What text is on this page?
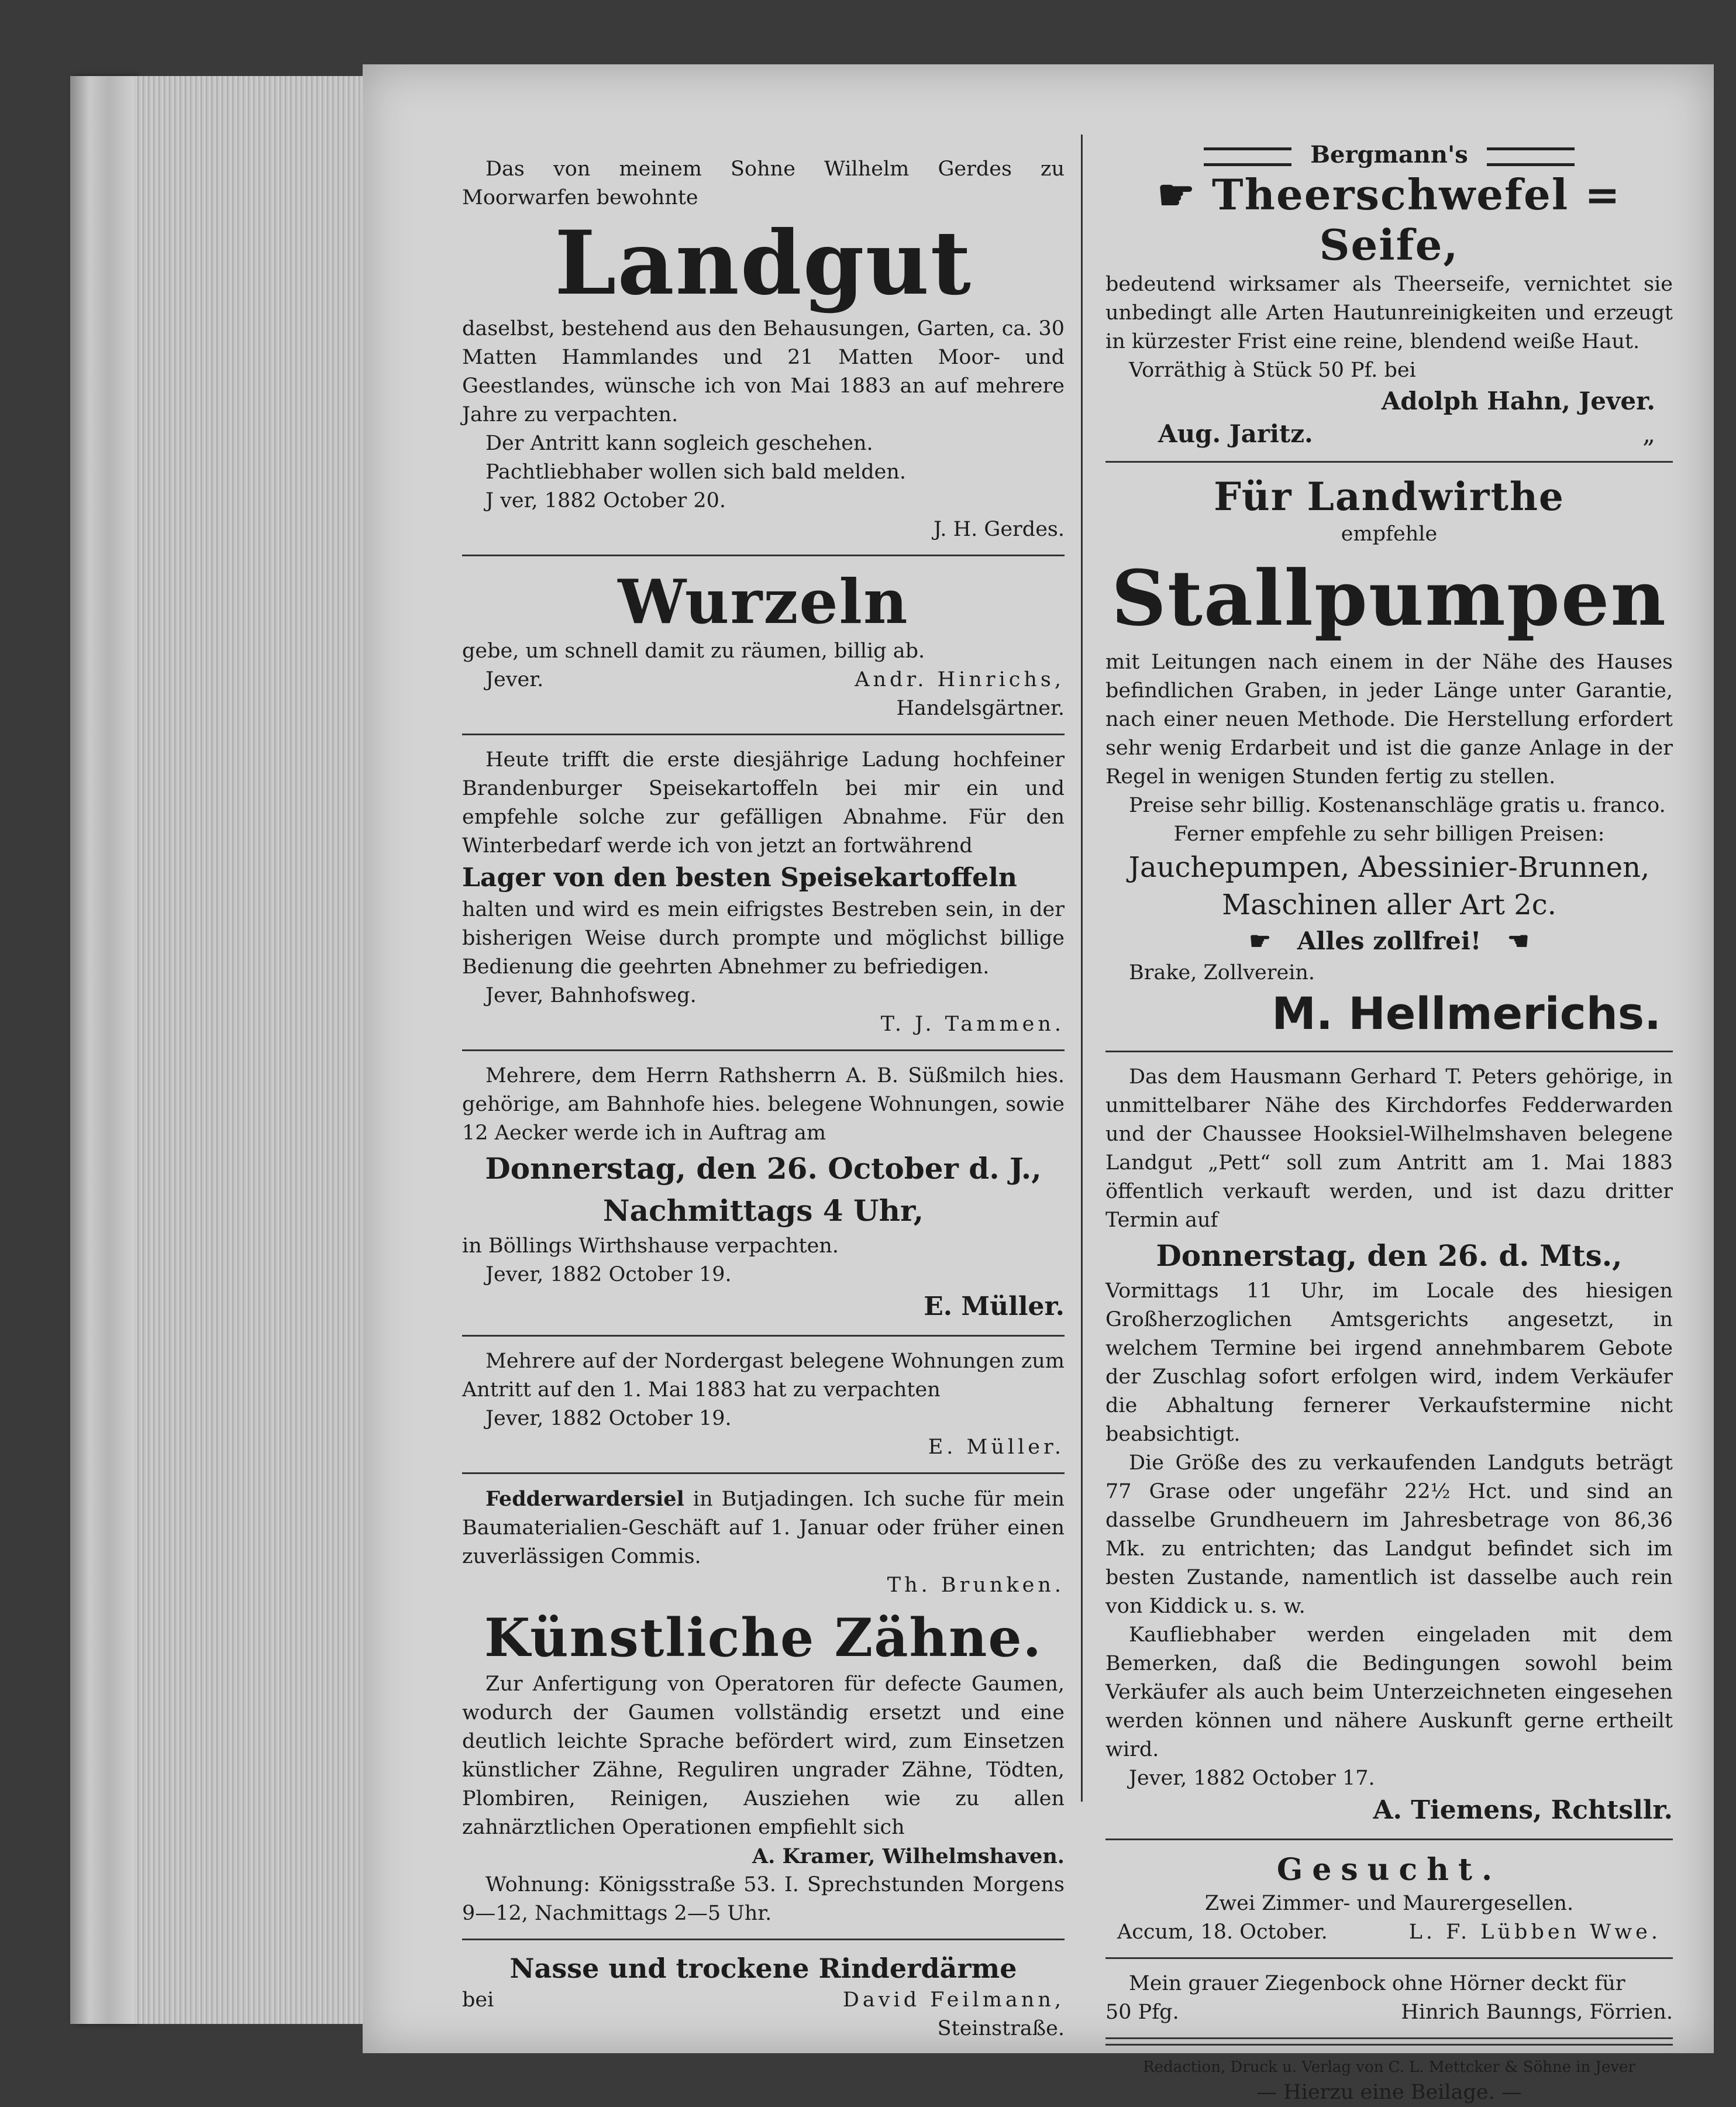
Das von meinem Sohne Wilhelm Gerdes zu Moorwarfen bewohnte

Landgut

daselbst, bestehend aus den Behausungen, Garten, ca. 30 Matten Hammlandes und 21 Matten Moor- und Geestlandes, wünsche ich von Mai 1883 an auf mehrere Jahre zu verpachten.

Der Antritt kann sogleich geschehen.

Pachtliebhaber wollen sich bald melden.

J ver, 1882 October 20.

J. H. Gerdes.

Wurzeln

gebe, um schnell damit zu räumen, billig ab.

Jever.	Andr. Hinrichs,

Handelsgärtner.

Heute trifft die erste diesjährige Ladung hochfeiner Brandenburger Speisekartoffeln bei mir ein und empfehle solche zur gefälligen Abnahme. Für den Winterbedarf werde ich von jetzt an fortwährend

Lager von den besten Speisekartoffeln

halten und wird es mein eifrigstes Bestreben sein, in der bisherigen Weise durch prompte und möglichst billige Bedienung die geehrten Abnehmer zu befriedigen.

Jever, Bahnhofsweg.

T. J. Tammen.

Mehrere, dem Herrn Rathsherrn A. B. Süßmilch hies. gehörige, am Bahnhofe hies. belegene Wohnungen, sowie 12 Aecker werde ich in Auftrag am

Donnerstag, den 26. October d. J.,
Nachmittags 4 Uhr,

in Böllings Wirthshause verpachten.

Jever, 1882 October 19.

E. Müller.

Mehrere auf der Nordergast belegene Wohnungen zum Antritt auf den 1. Mai 1883 hat zu verpachten

Jever, 1882 October 19.

E. Müller.

Fedderwardersiel in Butjadingen. Ich suche für mein Baumaterialien-Geschäft auf 1. Januar oder früher einen zuverlässigen Commis.

Th. Brunken.

Künstliche Zähne.

Zur Anfertigung von Operatoren für defecte Gaumen, wodurch der Gaumen vollständig ersetzt und eine deutlich leichte Sprache befördert wird, zum Einsetzen künstlicher Zähne, Reguliren ungrader Zähne, Tödten, Plombiren, Reinigen, Ausziehen wie zu allen zahnärztlichen Operationen empfiehlt sich

A. Kramer, Wilhelmshaven.

Wohnung: Königsstraße 53. I. Sprechstunden Morgens 9—12, Nachmittags 2—5 Uhr.

Nasse und trockene Rinderdärme
bei	David Feilmann,

Steinstraße.

Bergmann's
☛ Theerschwefel = Seife,

bedeutend wirksamer als Theerseife, vernichtet sie unbedingt alle Arten Hautunreinigkeiten und erzeugt in kürzester Frist eine reine, blendend weiße Haut.

Vorräthig à Stück 50 Pf. bei

Adolph Hahn, Jever.

Aug. Jaritz.	„
Für Landwirthe

empfehle

Stallpumpen

mit Leitungen nach einem in der Nähe des Hauses befindlichen Graben, in jeder Länge unter Garantie, nach einer neuen Methode. Die Herstellung erfordert sehr wenig Erdarbeit und ist die ganze Anlage in der Regel in wenigen Stunden fertig zu stellen.

Preise sehr billig. Kostenanschläge gratis u. franco.

Ferner empfehle zu sehr billigen Preisen:

Jauchepumpen, Abessinier-Brunnen,
Maschinen aller Art 2c.
☛ Alles zollfrei! ☚

Brake, Zollverein.

M. Hellmerichs.

Das dem Hausmann Gerhard T. Peters gehörige, in unmittelbarer Nähe des Kirchdorfes Fedderwarden und der Chaussee Hooksiel-Wilhelmshaven belegene Landgut „Pett“ soll zum Antritt am 1. Mai 1883 öffentlich verkauft werden, und ist dazu dritter Termin auf

Donnerstag, den 26. d. Mts.,

Vormittags 11 Uhr, im Locale des hiesigen Großherzoglichen Amtsgerichts angesetzt, in welchem Termine bei irgend annehmbarem Gebote der Zuschlag sofort erfolgen wird, indem Verkäufer die Abhaltung fernerer Verkaufstermine nicht beabsichtigt.

Die Größe des zu verkaufenden Landguts beträgt 77 Grase oder ungefähr 22½ Hct. und sind an dasselbe Grundheuern im Jahresbetrage von 86,36 Mk. zu entrichten; das Landgut befindet sich im besten Zustande, namentlich ist dasselbe auch rein von Kiddick u. s. w.

Kaufliebhaber werden eingeladen mit dem Bemerken, daß die Bedingungen sowohl beim Verkäufer als auch beim Unterzeichneten eingesehen werden können und nähere Auskunft gerne ertheilt wird.

Jever, 1882 October 17.

A. Tiemens, Rchtsllr.

Gesucht.

Zwei Zimmer- und Maurergesellen.

Accum, 18. October.	L. F. Lübben Wwe.

Mein grauer Ziegenbock ohne Hörner deckt für

50 Pfg.	Hinrich Baunngs, Förrien.

Redaction, Druck u. Verlag von C. L. Mettcker & Söhne in Jever

— Hierzu eine Beilage. —
